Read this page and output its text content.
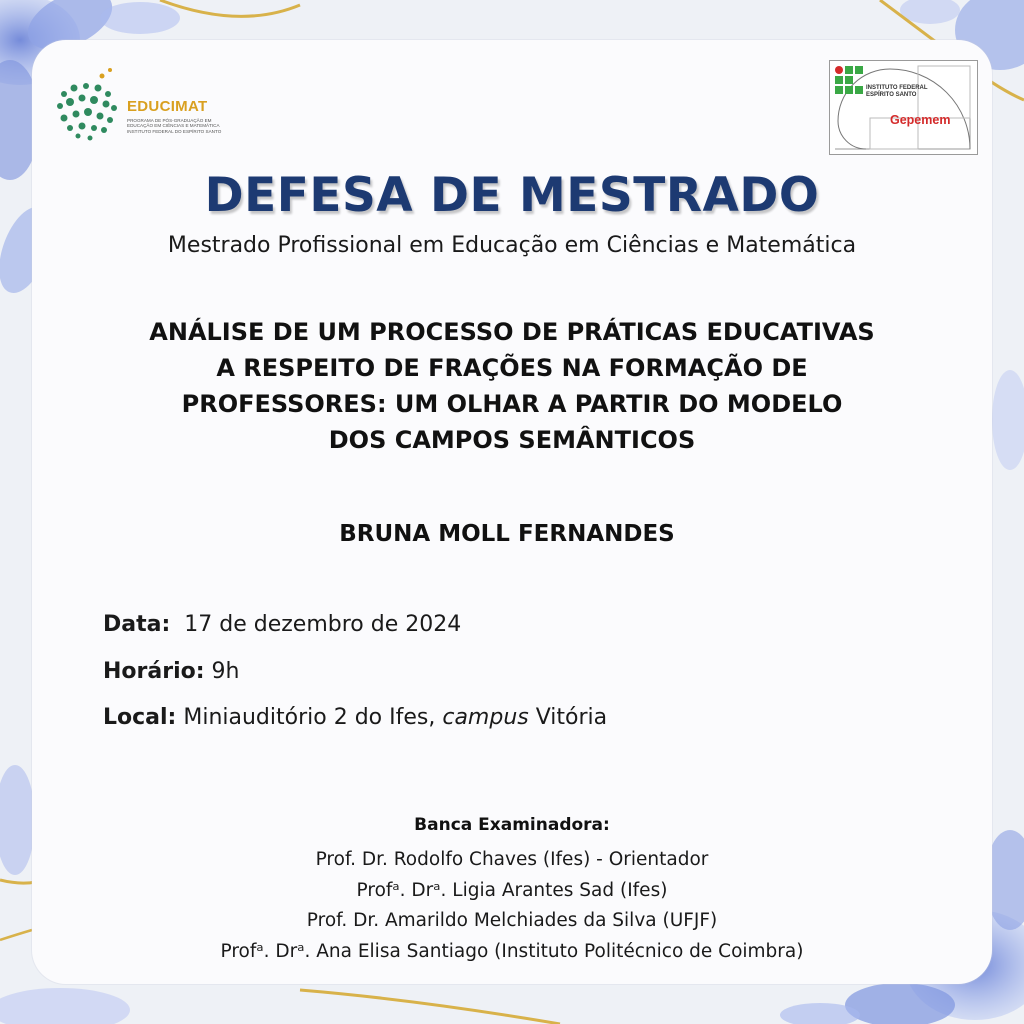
EDUCIMAT
PROGRAMA DE PÓS-GRADUAÇÃO EM EDUCAÇÃO EM CIÊNCIAS E MATEMÁTICA INSTITUTO FEDERAL DO ESPÍRITO SANTO
INSTITUTO FEDERAL ESPÍRITO SANTO
Gepemem
DEFESA DE MESTRADO
Mestrado Profissional em Educação em Ciências e Matemática
ANÁLISE DE UM PROCESSO DE PRÁTICAS EDUCATIVAS
A RESPEITO DE FRAÇÕES NA FORMAÇÃO DE
PROFESSORES: UM OLHAR A PARTIR DO MODELO
DOS CAMPOS SEMÂNTICOS
BRUNA MOLL FERNANDES
Data: 17 de dezembro de 2024
Horário: 9h
Local: Miniauditório 2 do Ifes, campus Vitória
Banca Examinadora:
Prof. Dr. Rodolfo Chaves (Ifes) - Orientador
Profᵃ. Drᵃ. Ligia Arantes Sad (Ifes)
Prof. Dr. Amarildo Melchiades da Silva (UFJF)
Profᵃ. Drᵃ. Ana Elisa Santiago (Instituto Politécnico de Coimbra)
